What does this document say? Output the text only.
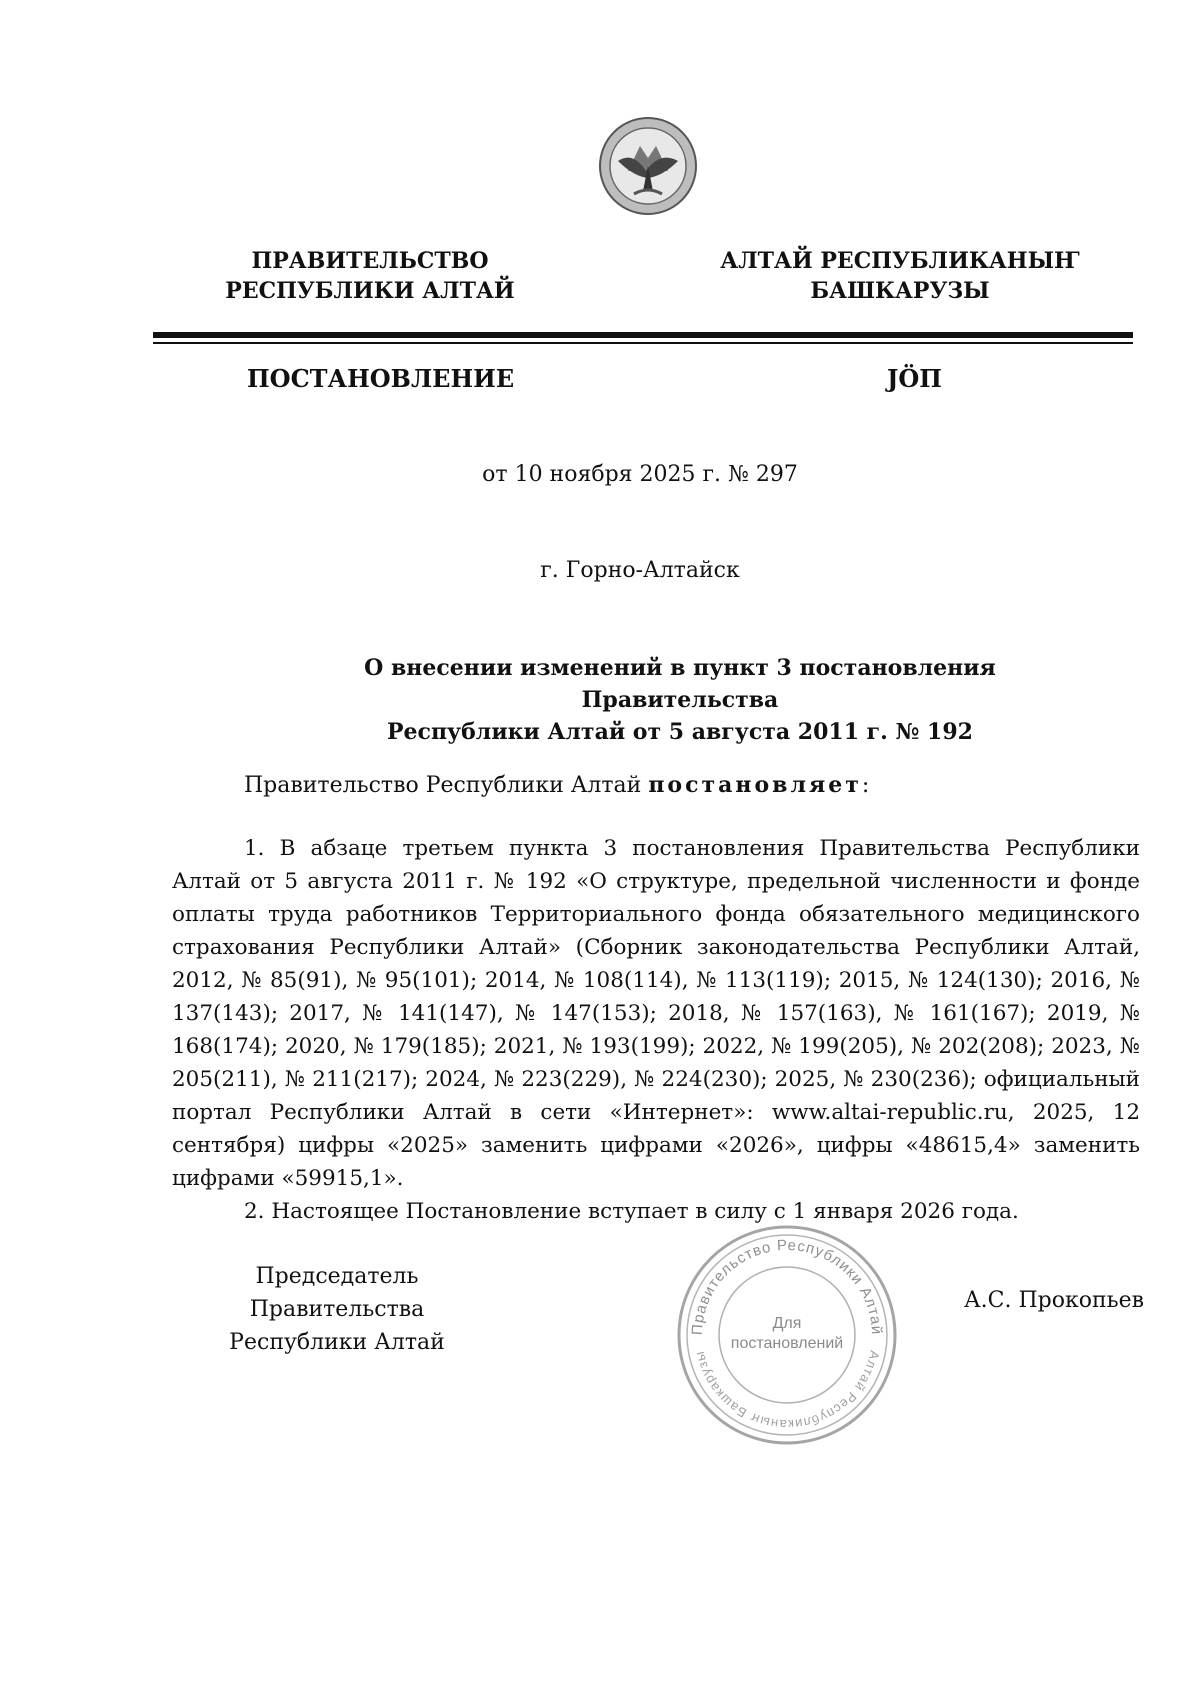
ПРАВИТЕЛЬСТВО
РЕСПУБЛИКИ АЛТАЙ
АЛТАЙ РЕСПУБЛИКАНЫҤ
БАШКАРУЗЫ
ПОСТАНОВЛЕНИЕ	JӦП
от 10 ноября 2025 г. № 297
г. Горно-Алтайск
О внесении изменений в пункт 3 постановления Правительства
Республики Алтай от 5 августа 2011 г. № 192
Правительство Республики Алтай постановляет:

1. В абзаце третьем пункта 3 постановления Правительства Республики Алтай от 5 августа 2011 г. № 192 «О структуре, предельной численности и фонде оплаты труда работников Территориального фонда обязательного медицинского страхования Республики Алтай» (Сборник законодательства Республики Алтай, 2012, № 85(91), № 95(101); 2014, № 108(114), № 113(119); 2015, № 124(130); 2016, № 137(143); 2017, № 141(147), № 147(153); 2018, № 157(163), № 161(167); 2019, № 168(174); 2020, № 179(185); 2021, № 193(199); 2022, № 199(205), № 202(208); 2023, № 205(211), № 211(217); 2024, № 223(229), № 224(230); 2025, № 230(236); официальный портал Республики Алтай в сети «Интернет»: www.altai-republic.ru, 2025, 12 сентября) цифры «2025» заменить цифрами «2026», цифры «48615,4» заменить цифрами «59915,1».

2. Настоящее Постановление вступает в силу с 1 января 2026 года.

Председатель Правительства
Республики Алтай
Правительство Республики Алтай
Алтай Республиканыҥ Башкарузы
Для
постановлений
А.С. Прокопьев
